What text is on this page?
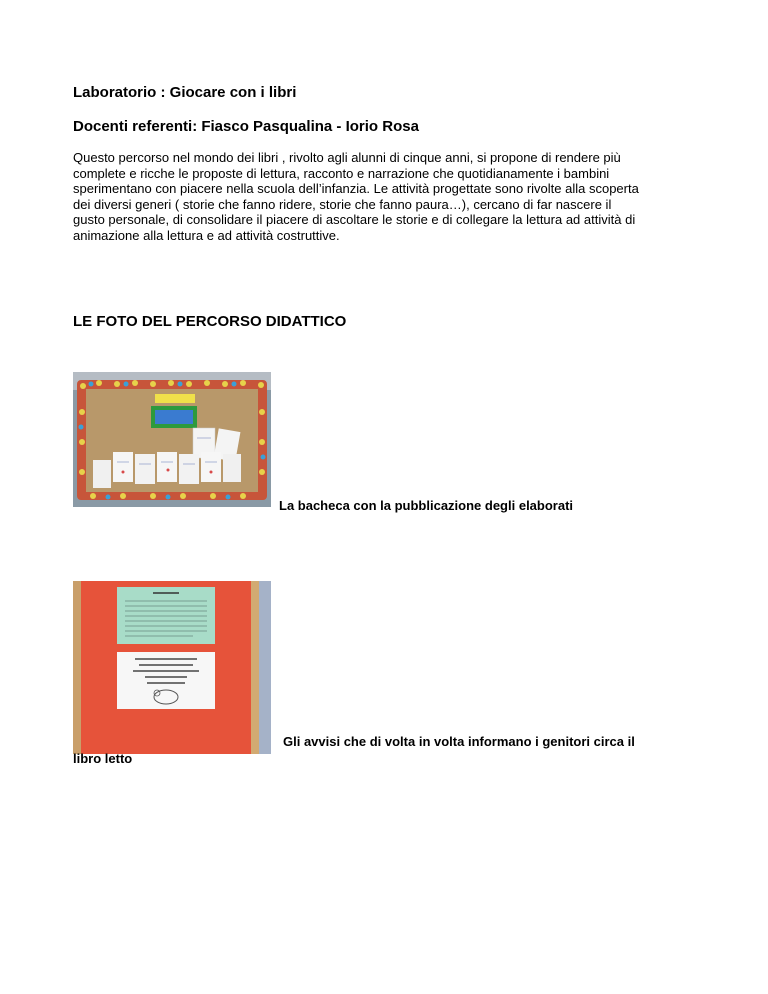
Laboratorio : Giocare con i libri
Docenti referenti: Fiasco Pasqualina - Iorio Rosa
Questo percorso nel mondo dei libri , rivolto agli alunni di cinque anni, si propone di rendere più
complete e ricche le proposte di lettura, racconto e narrazione che quotidianamente i bambini
sperimentano con piacere nella scuola dell’infanzia. Le attività progettate sono rivolte alla scoperta
dei diversi generi ( storie che fanno ridere, storie che fanno paura…), cercano di far nascere il
gusto personale, di consolidare il piacere di ascoltare le storie e di collegare la lettura ad attività di
animazione alla lettura e ad attività costruttive.
LE FOTO DEL PERCORSO DIDATTICO
La bacheca con la pubblicazione degli elaborati
Gli avvisi che di volta in volta informano i genitori circa il
libro letto
